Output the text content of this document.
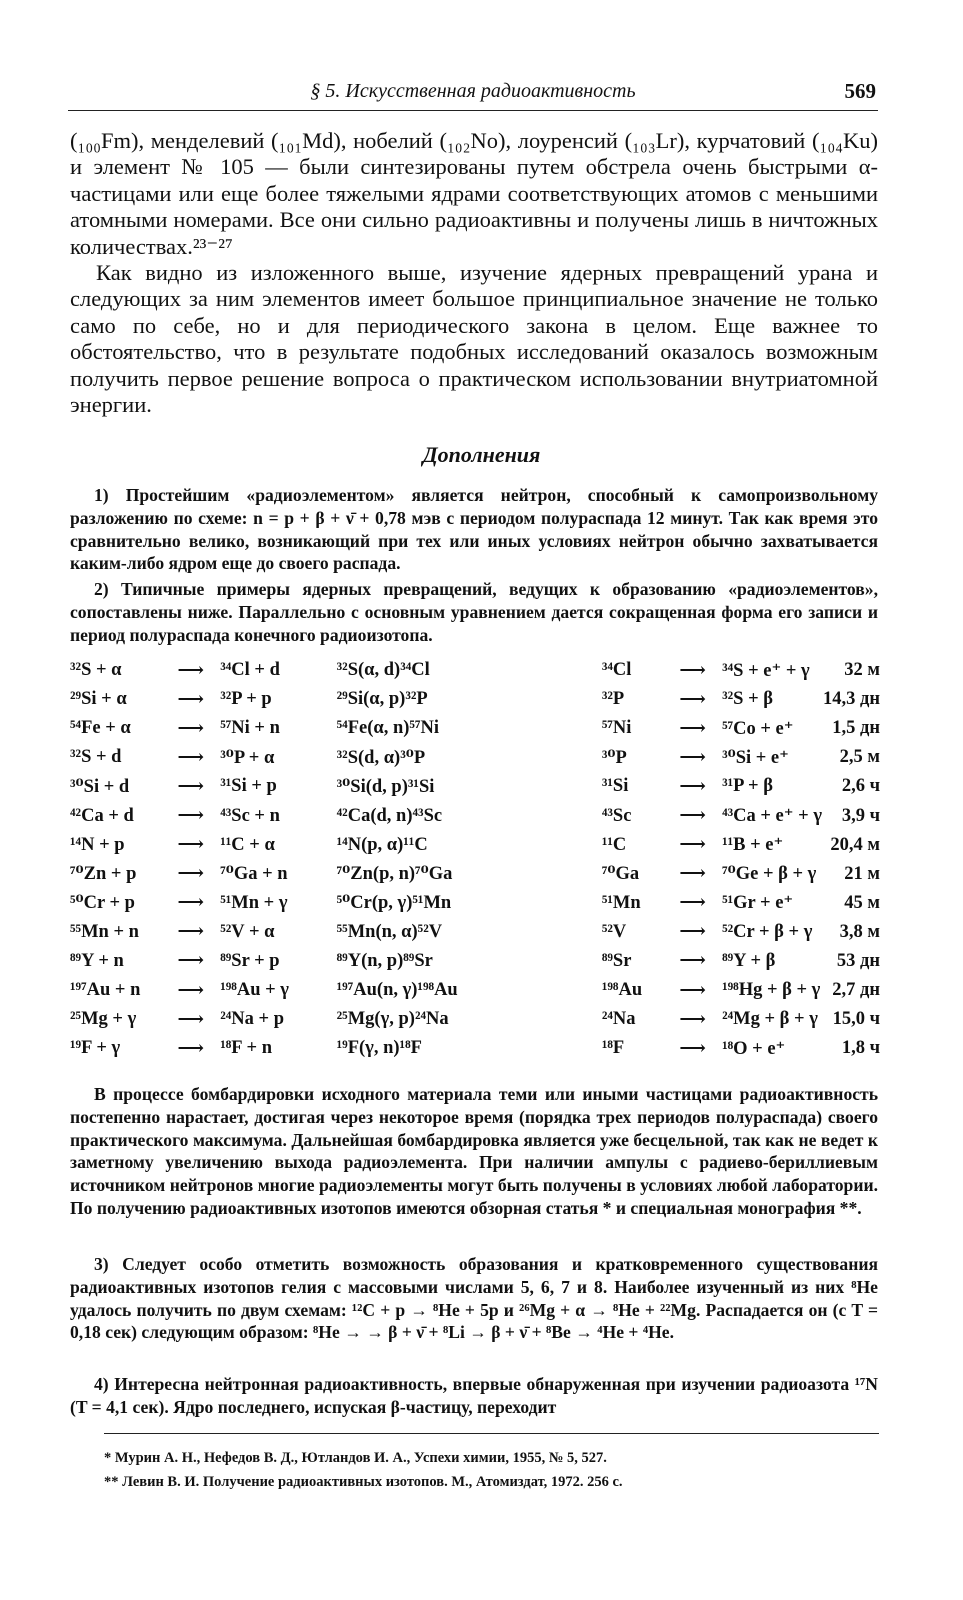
§ 5. Искусственная радиоактивность	569

(₁₀₀Fm), менделевий (₁₀₁Md), нобелий (₁₀₂No), лоуренсий (₁₀₃Lr), курчатовий (₁₀₄Ku) и элемент № 105 — были синтезированы путем обстрела очень быстрыми α-частицами или еще более тяжелыми ядрами соответствующих атомов с меньшими атомными номерами. Все они сильно радиоактивны и получены лишь в ничтожных количествах.²³⁻²⁷

Как видно из изложенного выше, изучение ядерных превращений урана и следующих за ним элементов имеет большое принципиальное значение не только само по себе, но и для периодического закона в целом. Еще важнее то обстоятельство, что в результате подобных исследований оказалось возможным получить первое решение вопроса о практическом использовании внутриатомной энергии.

Дополнения

1) Простейшим «радиоэлементом» является нейтрон, способный к самопроизвольному разложению по схеме: n = p + β + ν̄ + 0,78 мэв с периодом полураспада 12 минут. Так как время это сравнительно велико, возникающий при тех или иных условиях нейтрон обычно захватывается каким-либо ядром еще до своего распада.

2) Типичные примеры ядерных превращений, ведущих к образованию «радиоэлементов», сопоставлены ниже. Параллельно с основным уравнением дается сокращенная форма его записи и период полураспада конечного радиоизотопа.

³²S + α	⟶	³⁴Cl + d	³²S(α, d)³⁴Cl	³⁴Cl	⟶	³⁴S + e⁺ + γ	32 м
²⁹Si + α	⟶	³²P + p	²⁹Si(α, p)³²P	³²P	⟶	³²S + β	14,3 дн
⁵⁴Fe + α	⟶	⁵⁷Ni + n	⁵⁴Fe(α, n)⁵⁷Ni	⁵⁷Ni	⟶	⁵⁷Co + e⁺	1,5 дн
³²S + d	⟶	³⁰P + α	³²S(d, α)³⁰P	³⁰P	⟶	³⁰Si + e⁺	2,5 м
³⁰Si + d	⟶	³¹Si + p	³⁰Si(d, p)³¹Si	³¹Si	⟶	³¹P + β	2,6 ч
⁴²Ca + d	⟶	⁴³Sc + n	⁴²Ca(d, n)⁴³Sc	⁴³Sc	⟶	⁴³Ca + e⁺ + γ	3,9 ч
¹⁴N + p	⟶	¹¹C + α	¹⁴N(p, α)¹¹C	¹¹C	⟶	¹¹B + e⁺	20,4 м
⁷⁰Zn + p	⟶	⁷⁰Ga + n	⁷⁰Zn(p, n)⁷⁰Ga	⁷⁰Ga	⟶	⁷⁰Ge + β + γ	21 м
⁵⁰Cr + p	⟶	⁵¹Mn + γ	⁵⁰Cr(p, γ)⁵¹Mn	⁵¹Mn	⟶	⁵¹Gr + e⁺	45 м
⁵⁵Mn + n	⟶	⁵²V + α	⁵⁵Mn(n, α)⁵²V	⁵²V	⟶	⁵²Cr + β + γ	3,8 м
⁸⁹Y + n	⟶	⁸⁹Sr + p	⁸⁹Y(n, p)⁸⁹Sr	⁸⁹Sr	⟶	⁸⁹Y + β	53 дн
¹⁹⁷Au + n	⟶	¹⁹⁸Au + γ	¹⁹⁷Au(n, γ)¹⁹⁸Au	¹⁹⁸Au	⟶	¹⁹⁸Hg + β + γ	2,7 дн
²⁵Mg + γ	⟶	²⁴Na + p	²⁵Mg(γ, p)²⁴Na	²⁴Na	⟶	²⁴Mg + β + γ	15,0 ч
¹⁹F + γ	⟶	¹⁸F + n	¹⁹F(γ, n)¹⁸F	¹⁸F	⟶	¹⁸O + e⁺	1,8 ч

В процессе бомбардировки исходного материала теми или иными частицами радиоактивность постепенно нарастает, достигая через некоторое время (порядка трех периодов полураспада) своего практического максимума. Дальнейшая бомбардировка является уже бесцельной, так как не ведет к заметному увеличению выхода радиоэлемента. При наличии ампулы с радиево-бериллиевым источником нейтронов многие радиоэлементы могут быть получены в условиях любой лаборатории. По получению радиоактивных изотопов имеются обзорная статья * и специальная монография **.

3) Следует особо отметить возможность образования и кратковременного существования радиоактивных изотопов гелия с массовыми числами 5, 6, 7 и 8. Наиболее изученный из них ⁸He удалось получить по двум схемам: ¹²C + p → ⁸He + 5p и ²⁶Mg + α → ⁸He + ²²Mg. Распадается он (с T = 0,18 сек) следующим образом: ⁸He → → β + ν̄ + ⁸Li → β + ν̄ + ⁸Be → ⁴He + ⁴He.

4) Интересна нейтронная радиоактивность, впервые обнаруженная при изучении радиоазота ¹⁷N (T = 4,1 сек). Ядро последнего, испуская β-частицу, переходит

* Мурин А. Н., Нефедов В. Д., Ютландов И. А., Успехи химии, 1955, № 5, 527.
** Левин В. И. Получение радиоактивных изотопов. М., Атомиздат, 1972. 256 с.
